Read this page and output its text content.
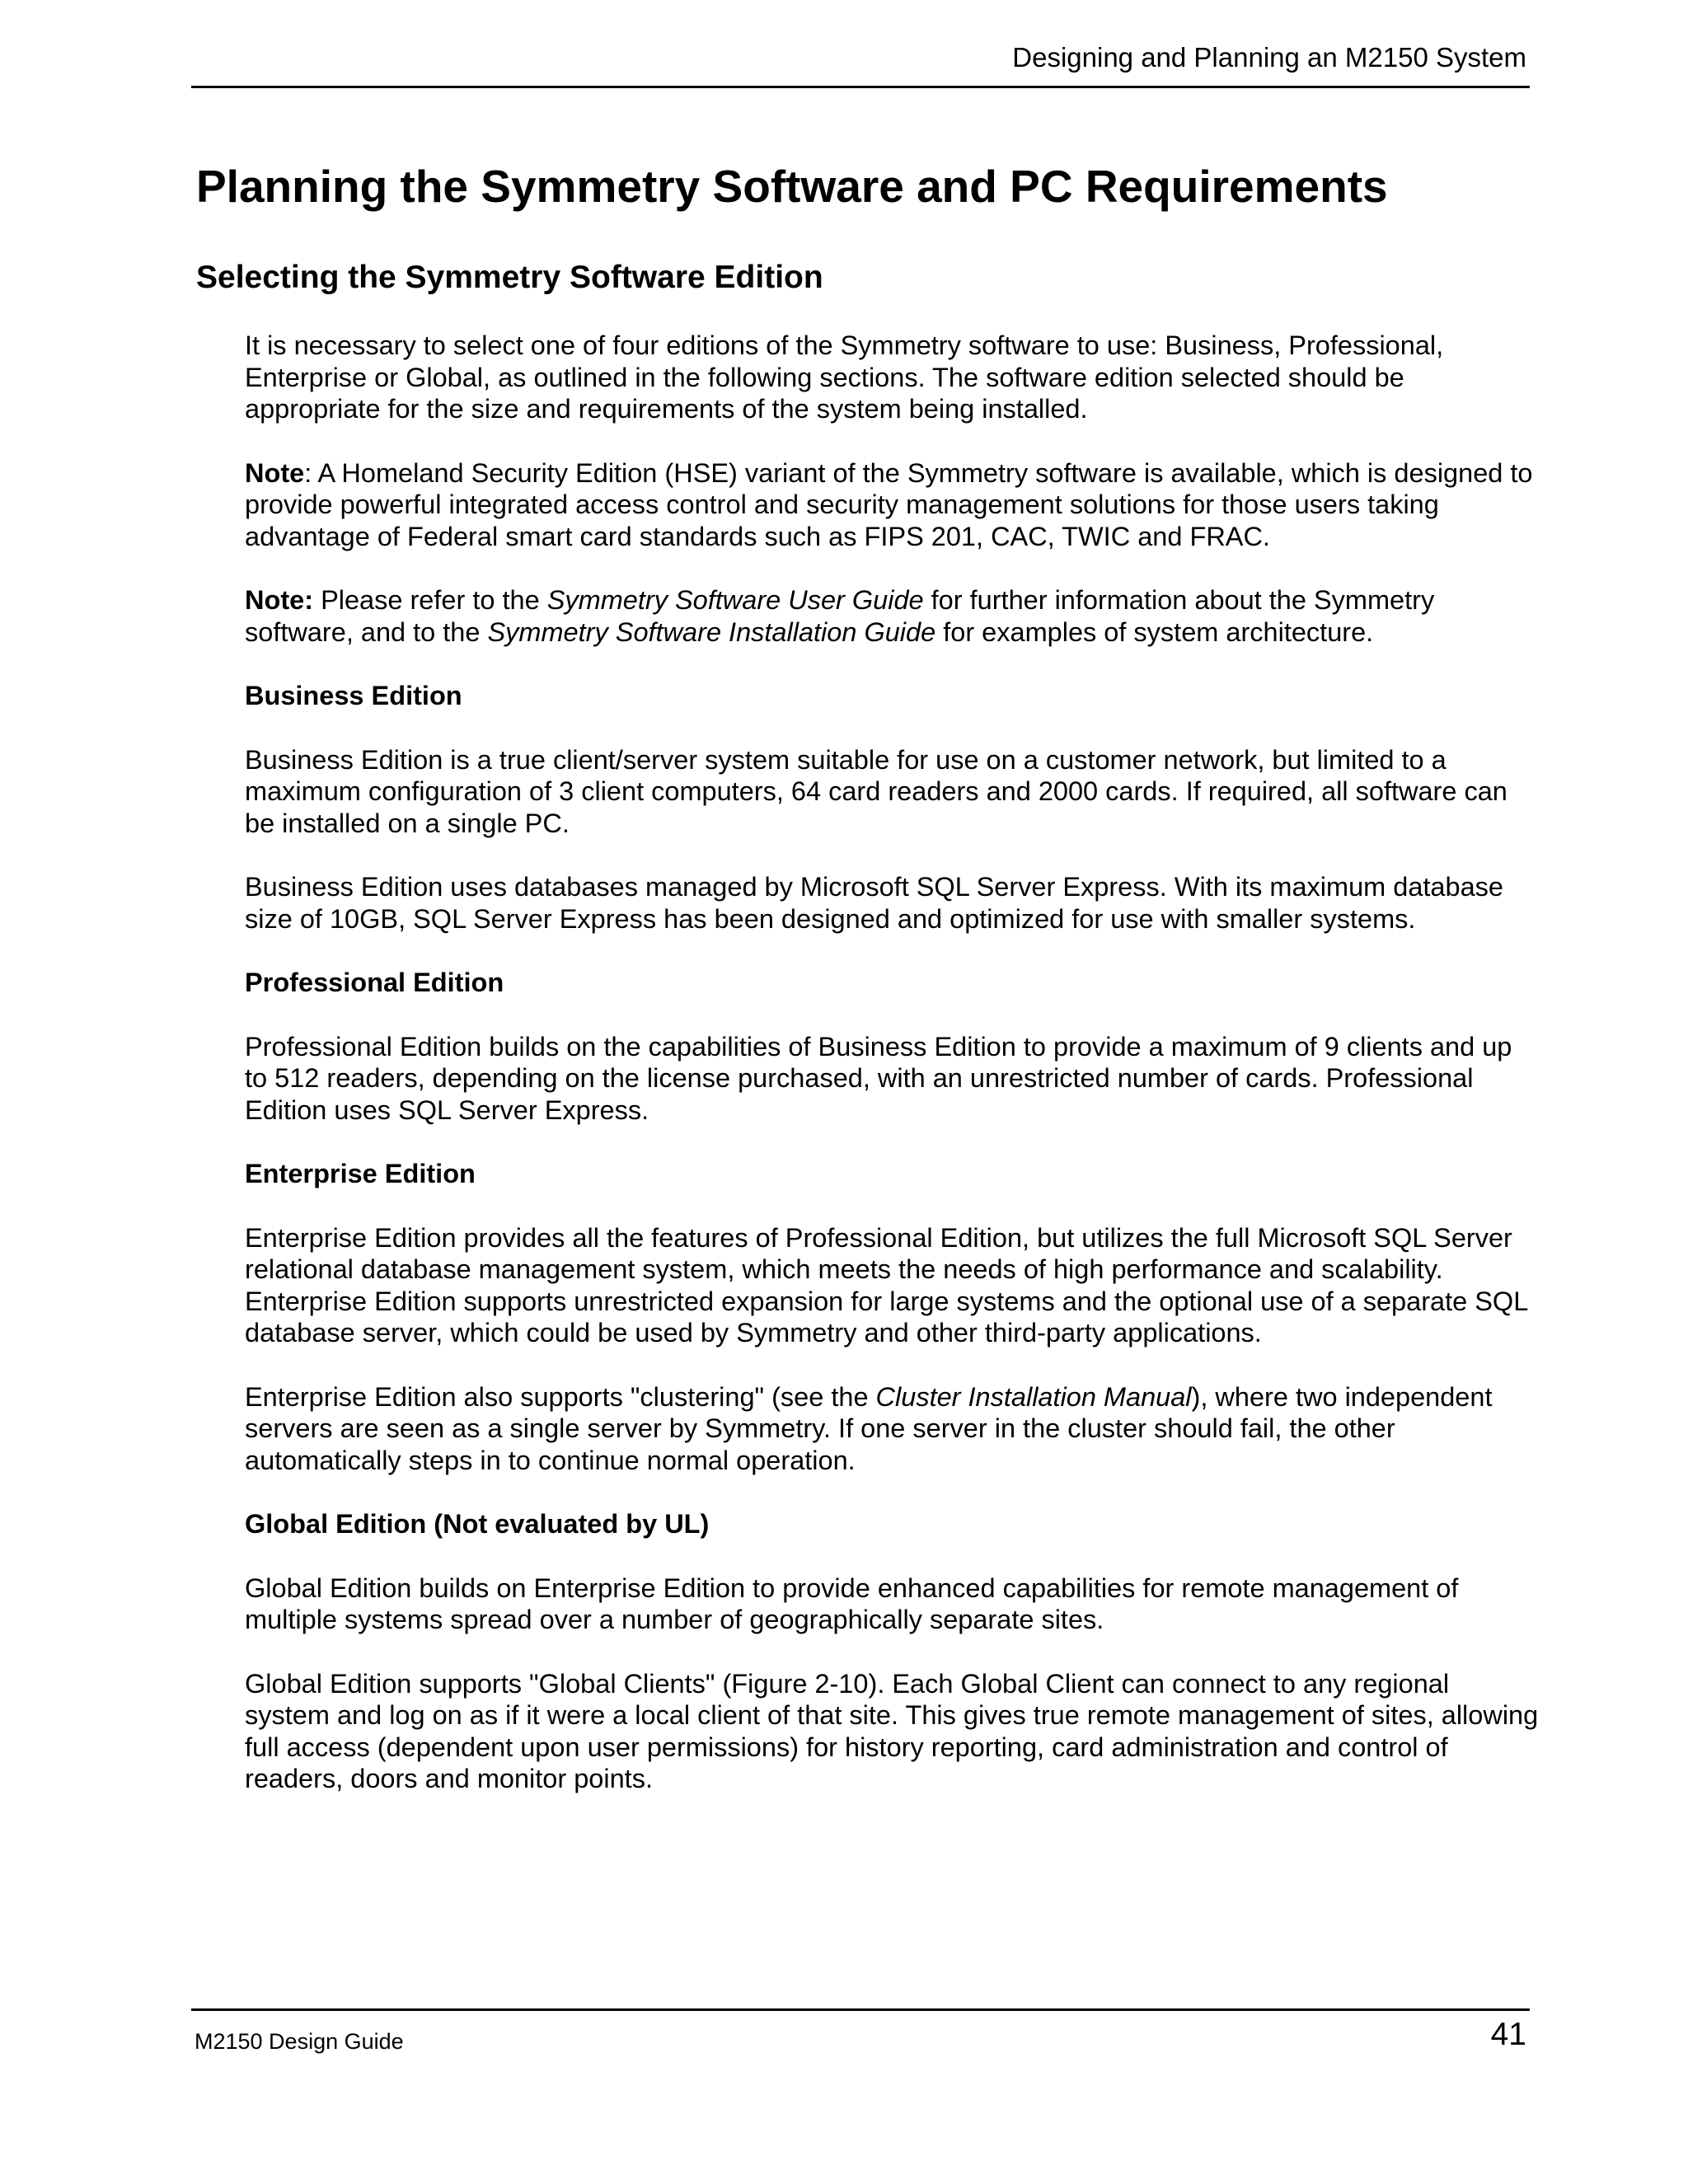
Designing and Planning an M2150 System
Planning the Symmetry Software and PC Requirements
Selecting the Symmetry Software Edition

It is necessary to select one of four editions of the Symmetry software to use: Business, Professional, Enterprise or Global, as outlined in the following sections. The software edition selected should be appropriate for the size and requirements of the system being installed.

Note: A Homeland Security Edition (HSE) variant of the Symmetry software is available, which is designed to provide powerful integrated access control and security management solutions for those users taking advantage of Federal smart card standards such as FIPS 201, CAC, TWIC and FRAC.

Note: Please refer to the Symmetry Software User Guide for further information about the Symmetry software, and to the Symmetry Software Installation Guide for examples of system architecture.

Business Edition

Business Edition is a true client/server system suitable for use on a customer network, but limited to a maximum configuration of 3 client computers, 64 card readers and 2000 cards. If required, all software can be installed on a single PC.

Business Edition uses databases managed by Microsoft SQL Server Express. With its maximum database size of 10GB, SQL Server Express has been designed and optimized for use with smaller systems.

Professional Edition

Professional Edition builds on the capabilities of Business Edition to provide a maximum of 9 clients and up to 512 readers, depending on the license purchased, with an unrestricted number of cards. Professional Edition uses SQL Server Express.

Enterprise Edition

Enterprise Edition provides all the features of Professional Edition, but utilizes the full Microsoft SQL Server relational database management system, which meets the needs of high performance and scalability. Enterprise Edition supports unrestricted expansion for large systems and the optional use of a separate SQL database server, which could be used by Symmetry and other third-party applications.

Enterprise Edition also supports "clustering" (see the Cluster Installation Manual), where two independent servers are seen as a single server by Symmetry. If one server in the cluster should fail, the other automatically steps in to continue normal operation.

Global Edition (Not evaluated by UL)

Global Edition builds on Enterprise Edition to provide enhanced capabilities for remote management of multiple systems spread over a number of geographically separate sites.

Global Edition supports "Global Clients" (Figure 2-10). Each Global Client can connect to any regional system and log on as if it were a local client of that site. This gives true remote management of sites, allowing full access (dependent upon user permissions) for history reporting, card administration and control of readers, doors and monitor points.

M2150 Design Guide	41
